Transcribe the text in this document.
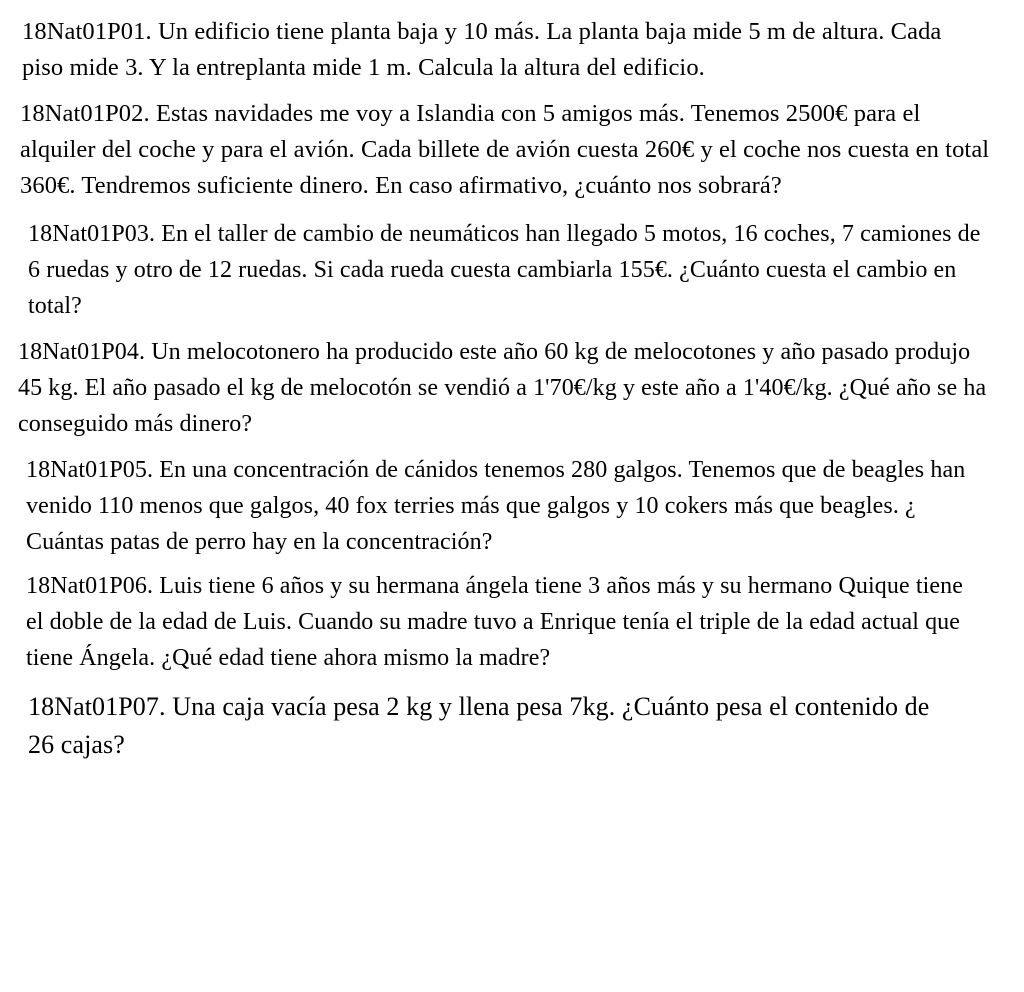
18Nat01P01. Un edificio tiene planta baja y 10 más. La planta baja mide 5 m de altura. Cada piso mide 3. Y la entreplanta mide 1 m. Calcula la altura del edificio.

18Nat01P02. Estas navidades me voy a Islandia con 5 amigos más. Tenemos 2500€ para el alquiler del coche y para el avión. Cada billete de avión cuesta 260€ y el coche nos cuesta en total 360€. Tendremos suficiente dinero. En caso afirmativo, ¿cuánto nos sobrará?

18Nat01P03. En el taller de cambio de neumáticos han llegado 5 motos, 16 coches, 7 camiones de 6 ruedas y otro de 12 ruedas. Si cada rueda cuesta cambiarla 155€. ¿Cuánto cuesta el cambio en total?

18Nat01P04. Un melocotonero ha producido este año 60 kg de melocotones y año pasado produjo 45 kg. El año pasado el kg de melocotón se vendió a 1'70€/kg y este año a 1'40€/kg. ¿Qué año se ha conseguido más dinero?

18Nat01P05. En una concentración de cánidos tenemos 280 galgos. Tenemos que de beagles han venido 110 menos que galgos, 40 fox terries más que galgos y 10 cokers más que beagles. ¿ Cuántas patas de perro hay en la concentración?

18Nat01P06. Luis tiene 6 años y su hermana ángela tiene 3 años más y su hermano Quique tiene el doble de la edad de Luis. Cuando su madre tuvo a Enrique tenía el triple de la edad actual que tiene Ángela. ¿Qué edad tiene ahora mismo la madre?

18Nat01P07. Una caja vacía pesa 2 kg y llena pesa 7kg. ¿Cuánto pesa el contenido de 26 cajas?
